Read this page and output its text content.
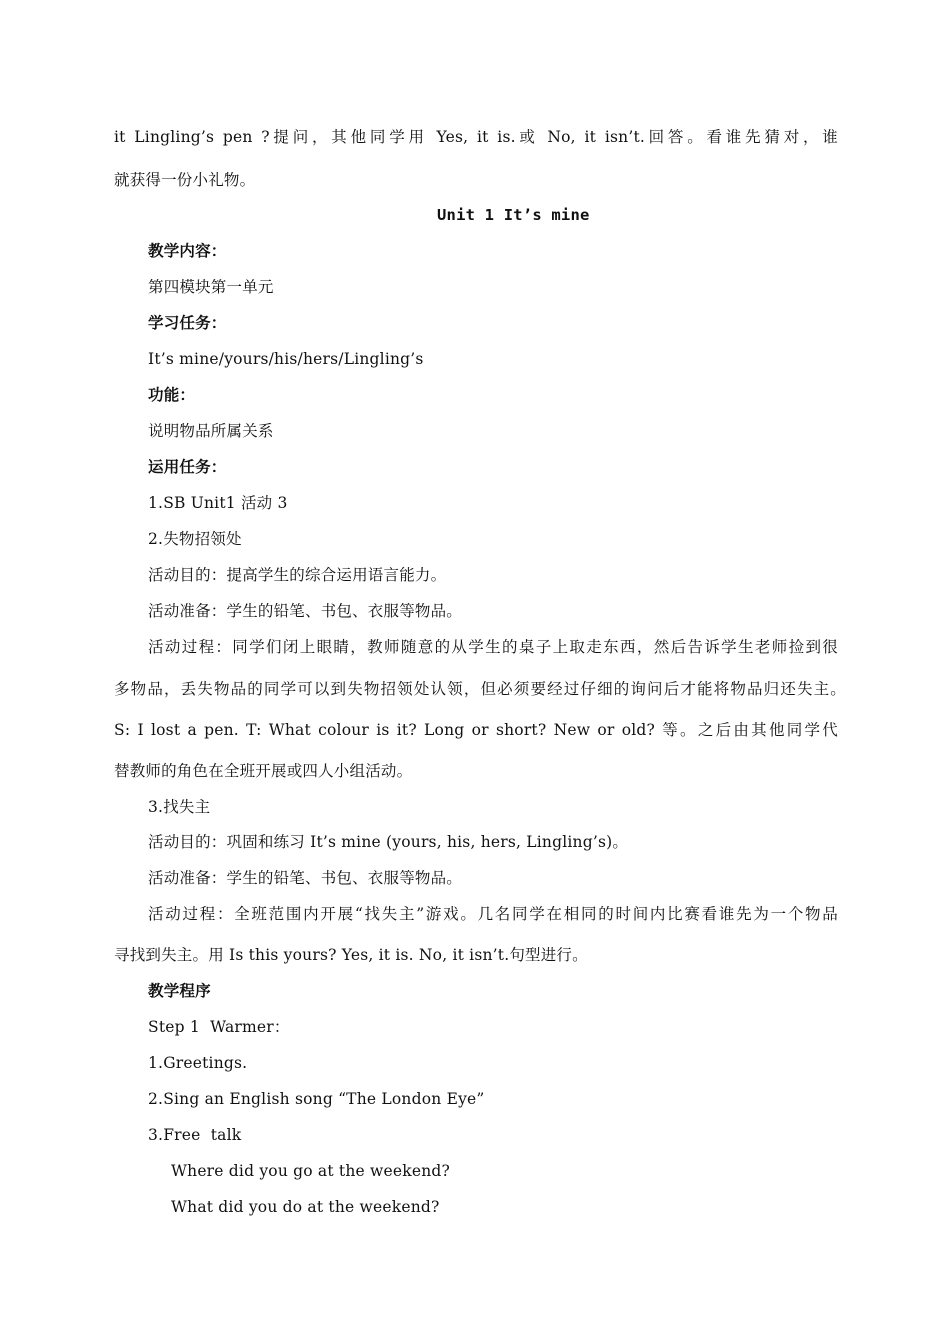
it Lingling’s pen ?提问，其他同学用 Yes, it is.或 No, it isn’t.回答。看谁先猜对，谁
就获得一份小礼物。
Unit 1 It’s mine
教学内容：
第四模块第一单元
学习任务：
It’s mine/yours/his/hers/Lingling’s
功能：
说明物品所属关系
运用任务：
1.SB Unit1 活动 3
2.失物招领处
活动目的：提高学生的综合运用语言能力。
活动准备：学生的铅笔、书包、衣服等物品。
活动过程：同学们闭上眼睛，教师随意的从学生的桌子上取走东西，然后告诉学生老师捡到很
多物品，丢失物品的同学可以到失物招领处认领，但必须要经过仔细的询问后才能将物品归还失主。
S: I lost a pen. T: What colour is it? Long or short? New or old? 等。之后由其他同学代
替教师的角色在全班开展或四人小组活动。
3.找失主
活动目的：巩固和练习 It’s mine (yours, his, hers, Lingling’s)。
活动准备：学生的铅笔、书包、衣服等物品。
活动过程：全班范围内开展“找失主”游戏。几名同学在相同的时间内比赛看谁先为一个物品
寻找到失主。用 Is this yours? Yes, it is. No, it isn’t.句型进行。
教学程序
Step 1  Warmer：
1.Greetings.
2.Sing an English song “The London Eye”
3.Free  talk
Where did you go at the weekend?
What did you do at the weekend?
